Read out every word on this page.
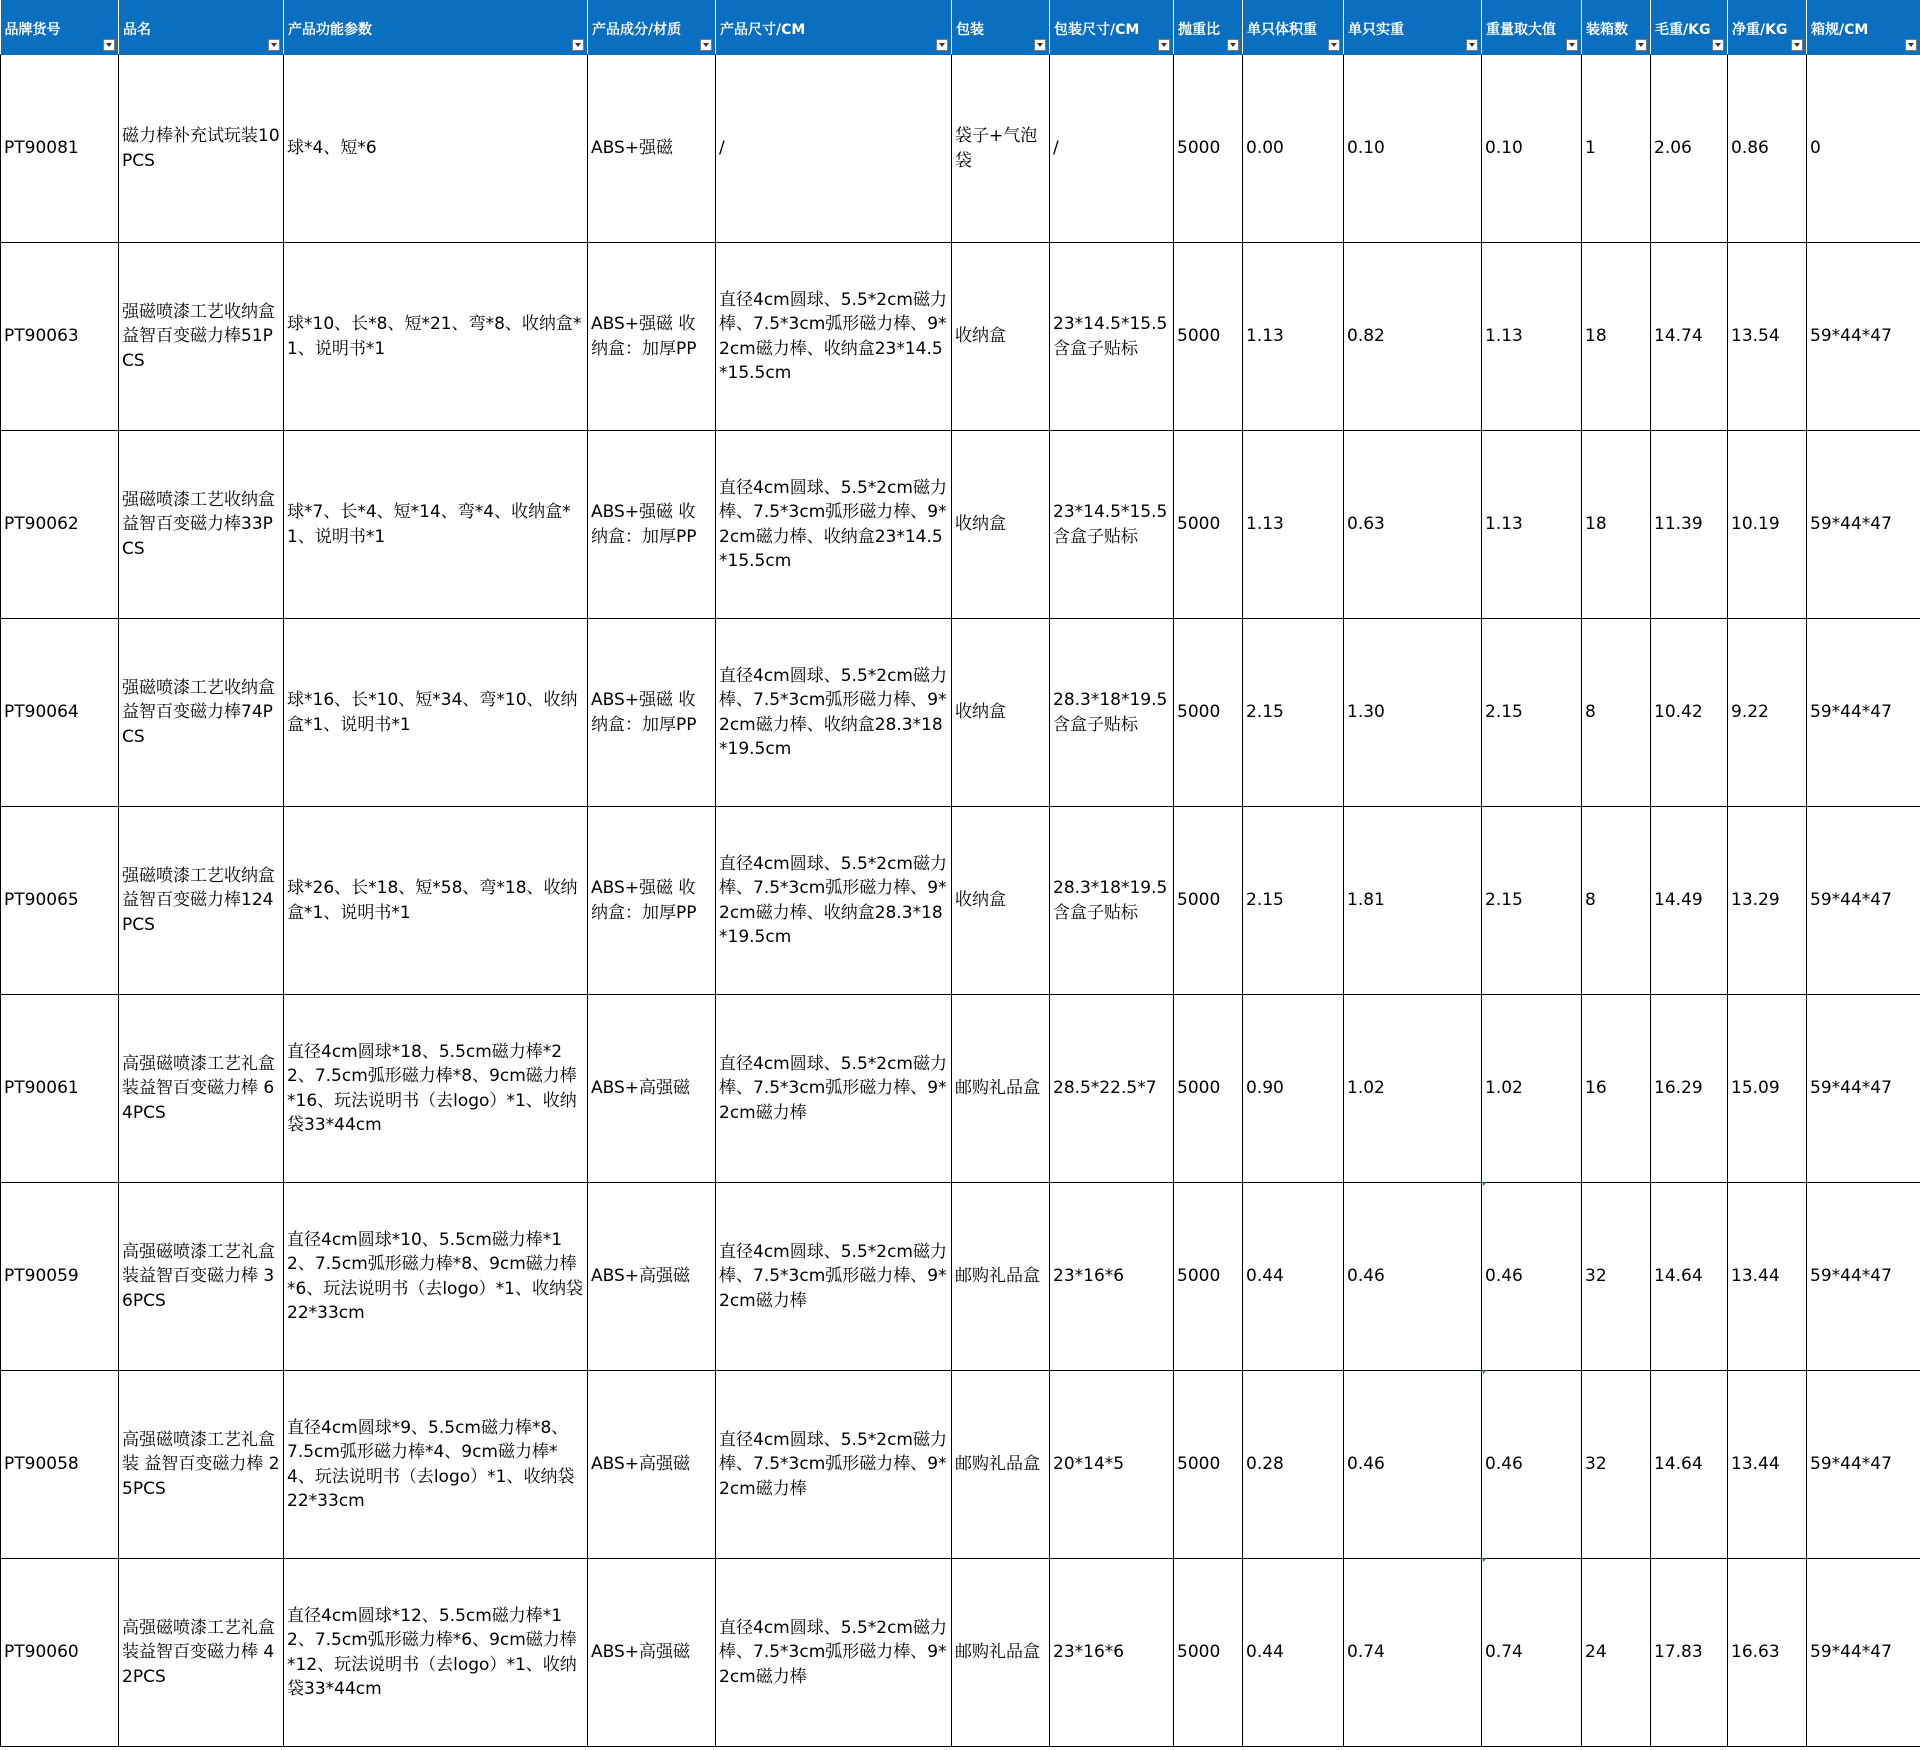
品牌货号	品名	产品功能参数	产品成分/材质	产品尺寸/CM	包装	包装尺寸/CM	抛重比	单只体积重	单只实重	重量取大值	装箱数	毛重/KG	净重/KG	箱规/CM

PT90081	磁力棒补充试玩装10PCS	球*4、短*6	ABS+强磁	/	袋子+气泡袋	/	5000	0.00	0.10	0.10	1	2.06	0.86	0
PT90063	强磁喷漆工艺收纳盒益智百变磁力棒51PCS	球*10、长*8、短*21、弯*8、收纳盒*1、说明书*1	ABS+强磁 收纳盒：加厚PP	直径4cm圆球、5.5*2cm磁力棒、7.5*3cm弧形磁力棒、9*2cm磁力棒、收纳盒23*14.5*15.5cm	收纳盒	23*14.5*15.5含盒子贴标	5000	1.13	0.82	1.13	18	14.74	13.54	59*44*47
PT90062	强磁喷漆工艺收纳盒益智百变磁力棒33PCS	球*7、长*4、短*14、弯*4、收纳盒*1、说明书*1	ABS+强磁 收纳盒：加厚PP	直径4cm圆球、5.5*2cm磁力棒、7.5*3cm弧形磁力棒、9*2cm磁力棒、收纳盒23*14.5*15.5cm	收纳盒	23*14.5*15.5含盒子贴标	5000	1.13	0.63	1.13	18	11.39	10.19	59*44*47
PT90064	强磁喷漆工艺收纳盒益智百变磁力棒74PCS	球*16、长*10、短*34、弯*10、收纳盒*1、说明书*1	ABS+强磁 收纳盒：加厚PP	直径4cm圆球、5.5*2cm磁力棒、7.5*3cm弧形磁力棒、9*2cm磁力棒、收纳盒28.3*18*19.5cm	收纳盒	28.3*18*19.5含盒子贴标	5000	2.15	1.30	2.15	8	10.42	9.22	59*44*47
PT90065	强磁喷漆工艺收纳盒益智百变磁力棒124PCS	球*26、长*18、短*58、弯*18、收纳盒*1、说明书*1	ABS+强磁 收纳盒：加厚PP	直径4cm圆球、5.5*2cm磁力棒、7.5*3cm弧形磁力棒、9*2cm磁力棒、收纳盒28.3*18*19.5cm	收纳盒	28.3*18*19.5含盒子贴标	5000	2.15	1.81	2.15	8	14.49	13.29	59*44*47
PT90061	高强磁喷漆工艺礼盒装益智百变磁力棒 64PCS	直径4cm圆球*18、5.5cm磁力棒*22、7.5cm弧形磁力棒*8、9cm磁力棒*16、玩法说明书（去logo）*1、收纳袋33*44cm	ABS+高强磁	直径4cm圆球、5.5*2cm磁力棒、7.5*3cm弧形磁力棒、9*2cm磁力棒	邮购礼品盒	28.5*22.5*7	5000	0.90	1.02	1.02	16	16.29	15.09	59*44*47
PT90059	高强磁喷漆工艺礼盒装益智百变磁力棒 36PCS	直径4cm圆球*10、5.5cm磁力棒*12、7.5cm弧形磁力棒*8、9cm磁力棒*6、玩法说明书（去logo）*1、收纳袋22*33cm	ABS+高强磁	直径4cm圆球、5.5*2cm磁力棒、7.5*3cm弧形磁力棒、9*2cm磁力棒	邮购礼品盒	23*16*6	5000	0.44	0.46	0.46	32	14.64	13.44	59*44*47
PT90058	高强磁喷漆工艺礼盒装 益智百变磁力棒 25PCS	直径4cm圆球*9、5.5cm磁力棒*8、7.5cm弧形磁力棒*4、9cm磁力棒*4、玩法说明书（去logo）*1、收纳袋22*33cm	ABS+高强磁	直径4cm圆球、5.5*2cm磁力棒、7.5*3cm弧形磁力棒、9*2cm磁力棒	邮购礼品盒	20*14*5	5000	0.28	0.46	0.46	32	14.64	13.44	59*44*47
PT90060	高强磁喷漆工艺礼盒装益智百变磁力棒 42PCS	直径4cm圆球*12、5.5cm磁力棒*12、7.5cm弧形磁力棒*6、9cm磁力棒*12、玩法说明书（去logo）*1、收纳袋33*44cm	ABS+高强磁	直径4cm圆球、5.5*2cm磁力棒、7.5*3cm弧形磁力棒、9*2cm磁力棒	邮购礼品盒	23*16*6	5000	0.44	0.74	0.74	24	17.83	16.63	59*44*47
